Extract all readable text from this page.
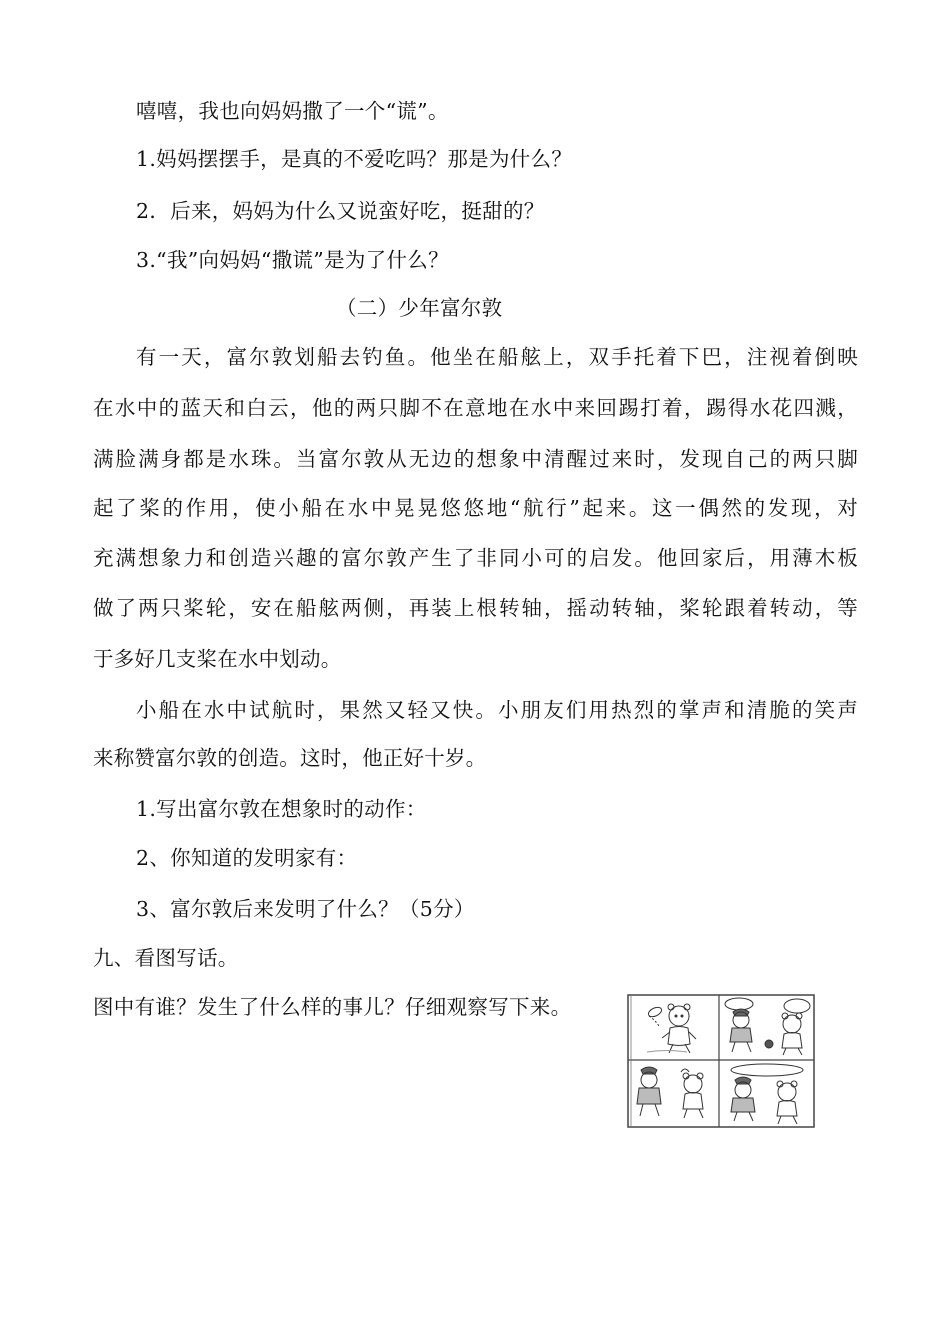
嘻嘻，我也向妈妈撒了一个“谎”。
1.妈妈摆摆手，是真的不爱吃吗？那是为什么？
2．后来，妈妈为什么又说蛮好吃，挺甜的？
3.“我”向妈妈“撒谎”是为了什么？
（二）少年富尔敦
有一天，富尔敦划船去钓鱼。他坐在船舷上，双手托着下巴，注视着倒映
在水中的蓝天和白云，他的两只脚不在意地在水中来回踢打着，踢得水花四溅，
满脸满身都是水珠。当富尔敦从无边的想象中清醒过来时，发现自己的两只脚
起了桨的作用，使小船在水中晃晃悠悠地“航行”起来。这一偶然的发现，对
充满想象力和创造兴趣的富尔敦产生了非同小可的启发。他回家后，用薄木板
做了两只桨轮，安在船舷两侧，再装上根转轴，摇动转轴，桨轮跟着转动，等
于多好几支桨在水中划动。
小船在水中试航时，果然又轻又快。小朋友们用热烈的掌声和清脆的笑声
来称赞富尔敦的创造。这时，他正好十岁。
1.写出富尔敦在想象时的动作：
2、你知道的发明家有：
3、富尔敦后来发明了什么？（5分）
九、看图写话。
图中有谁？发生了什么样的事儿？仔细观察写下来。
